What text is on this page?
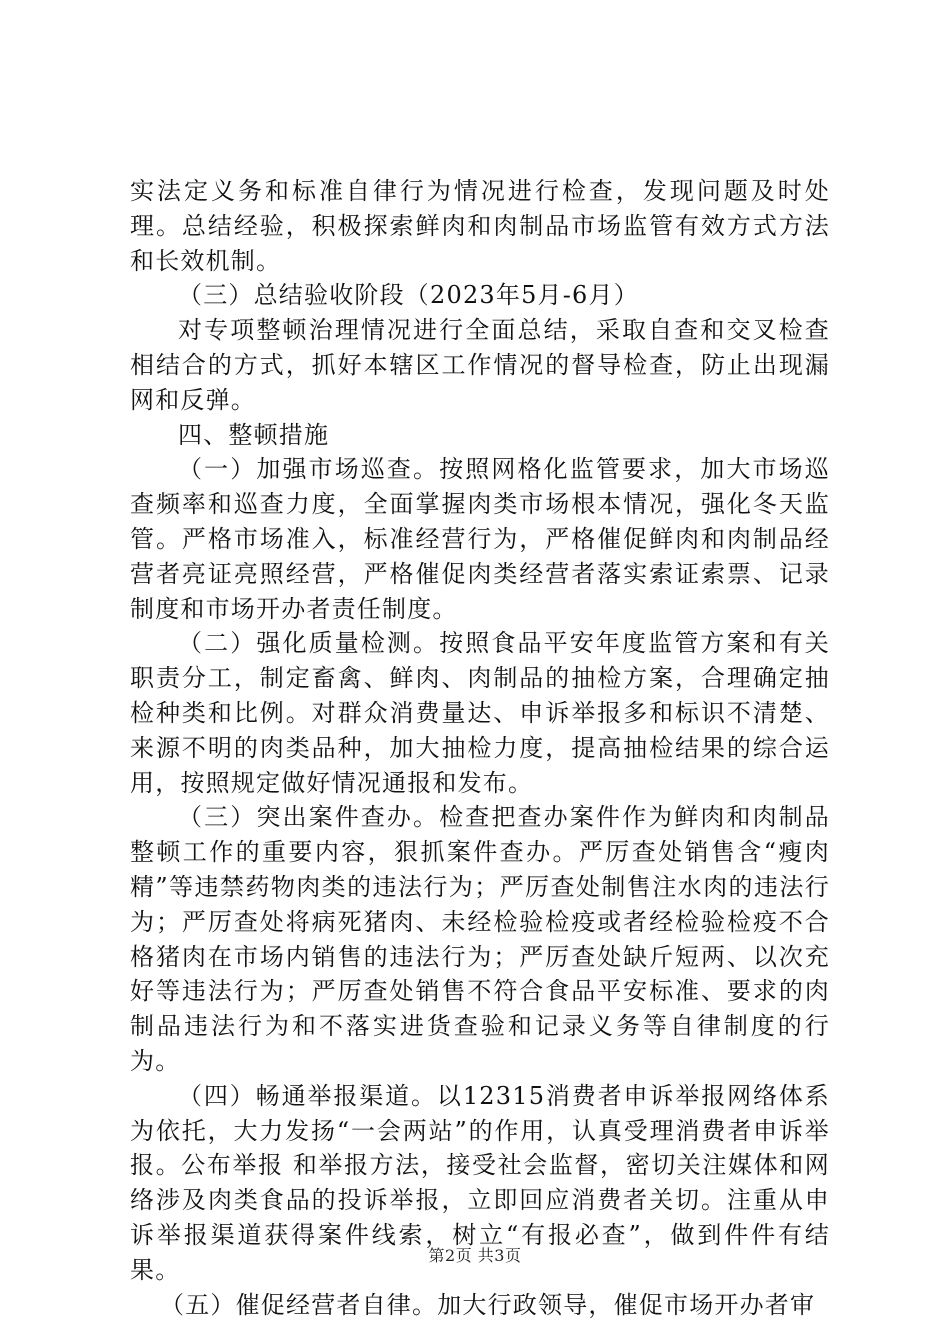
实法定义务和标准自律行为情况进行检查，发现问题及时处理。总结经验，积极探索鲜肉和肉制品市场监管有效方式方法和长效机制。

（三）总结验收阶段（2023年5月-6月）

对专项整顿治理情况进行全面总结，采取自查和交叉检查相结合的方式，抓好本辖区工作情况的督导检查，防止出现漏网和反弹。

四、整顿措施

（一）加强市场巡查。按照网格化监管要求，加大市场巡查频率和巡查力度，全面掌握肉类市场根本情况，强化冬天监管。严格市场准入，标准经营行为，严格催促鲜肉和肉制品经营者亮证亮照经营，严格催促肉类经营者落实索证索票、记录制度和市场开办者责任制度。

（二）强化质量检测。按照食品平安年度监管方案和有关职责分工，制定畜禽、鲜肉、肉制品的抽检方案，合理确定抽检种类和比例。对群众消费量达、申诉举报多和标识不清楚、来源不明的肉类品种，加大抽检力度，提高抽检结果的综合运用，按照规定做好情况通报和发布。

（三）突出案件查办。检查把查办案件作为鲜肉和肉制品整顿工作的重要内容，狠抓案件查办。严厉查处销售含“瘦肉精”等违禁药物肉类的违法行为；严厉查处制售注水肉的违法行为；严厉查处将病死猪肉、未经检验检疫或者经检验检疫不合格猪肉在市场内销售的违法行为；严厉查处缺斤短两、以次充好等违法行为；严厉查处销售不符合食品平安标准、要求的肉制品违法行为和不落实进货查验和记录义务等自律制度的行为。

（四）畅通举报渠道。以12315消费者申诉举报网络体系为依托，大力发扬“一会两站”的作用，认真受理消费者申诉举报。公布举报 和举报方法，接受社会监督，密切关注媒体和网络涉及肉类食品的投诉举报，立即回应消费者关切。注重从申诉举报渠道获得案件线索，树立“有报必查”，做到件件有结果。

（五）催促经营者自律。加大行政领导，催促市场开办者审

第2页 共3页
